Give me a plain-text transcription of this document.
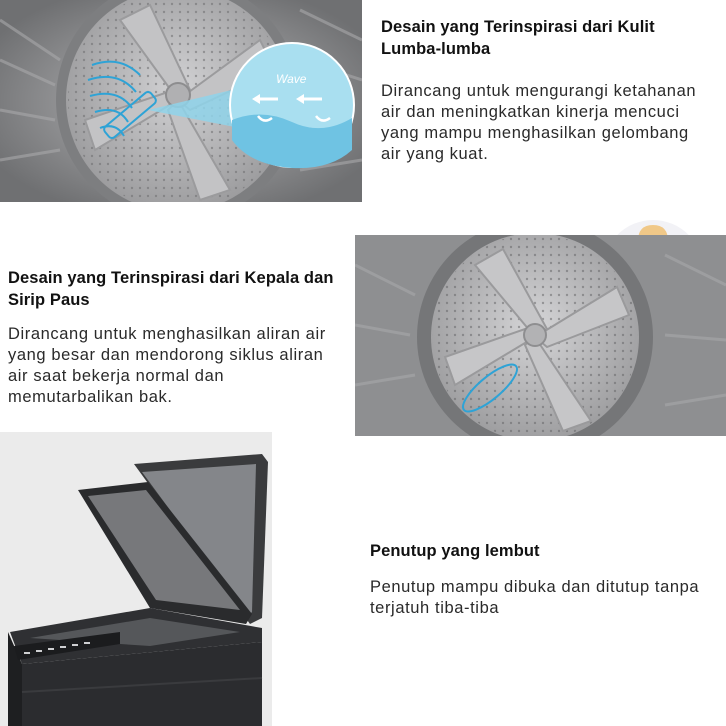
Wave
Desain yang Terinspirasi dari Kulit Lumba-lumba

Dirancang untuk mengurangi ketahanan air dan meningkatkan kinerja mencuci yang mampu menghasilkan gelombang air yang kuat.

Desain yang Terinspirasi dari Kepala dan Sirip Paus

Dirancang untuk menghasilkan aliran air yang besar dan mendorong siklus aliran air saat bekerja normal dan memutarbalikan bak.

Penutup yang lembut

Penutup mampu dibuka dan ditutup tanpa terjatuh tiba-tiba
